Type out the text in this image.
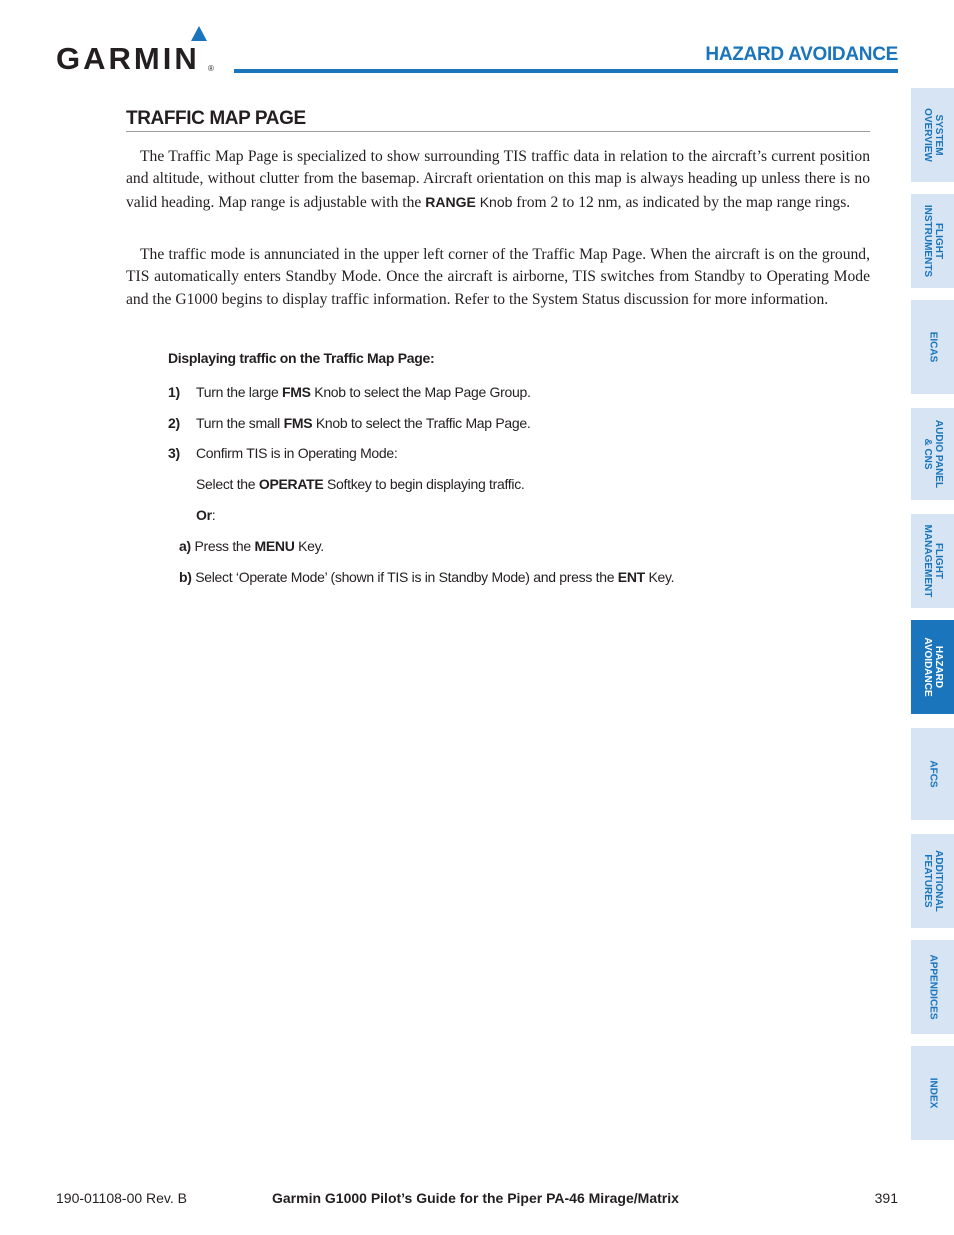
GARMIN ®
HAZARD AVOIDANCE
TRAFFIC MAP PAGE

The Traffic Map Page is specialized to show surrounding TIS traffic data in relation to the aircraft’s current position and altitude, without clutter from the basemap. Aircraft orientation on this map is always heading up unless there is no valid heading. Map range is adjustable with the RANGE Knob from 2 to 12 nm, as indicated by the map range rings.

The traffic mode is annunciated in the upper left corner of the Traffic Map Page. When the aircraft is on the ground, TIS automatically enters Standby Mode. Once the aircraft is airborne, TIS switches from Standby to Operating Mode and the G1000 begins to display traffic information. Refer to the System Status discussion for more information.

Displaying traffic on the Traffic Map Page:
1) Turn the large FMS Knob to select the Map Page Group.
2) Turn the small FMS Knob to select the Traffic Map Page.
3) Confirm TIS is in Operating Mode:
Select the OPERATE Softkey to begin displaying traffic.
Or:
a) Press the MENU Key.
b) Select ‘Operate Mode’ (shown if TIS is in Standby Mode) and press the ENT Key.
SYSTEM
OVERVIEW
FLIGHT
INSTRUMENTS
EICAS
AUDIO PANEL
& CNS
FLIGHT
MANAGEMENT
HAZARD
AVOIDANCE
AFCS
ADDITIONAL
FEATURES
APPENDICES
INDEX
190-01108-00 Rev. B	Garmin G1000 Pilot’s Guide for the Piper PA-46 Mirage/Matrix	391
